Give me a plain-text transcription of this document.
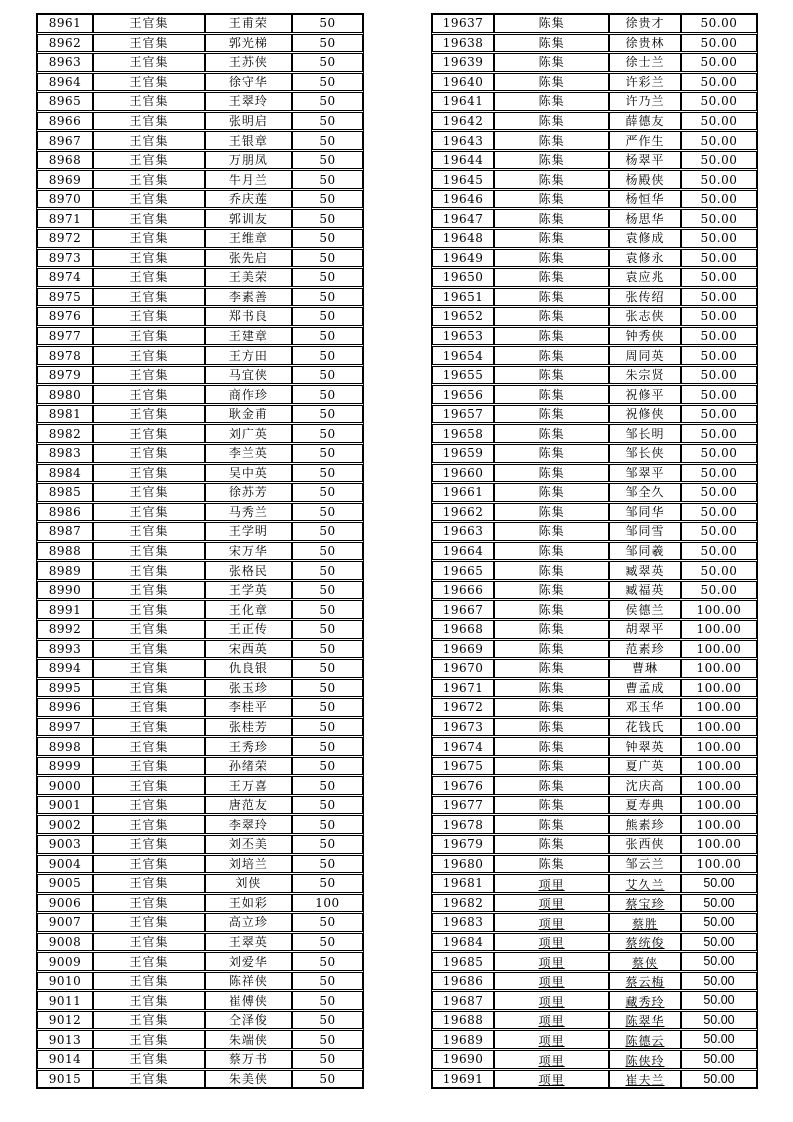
8961	王官集	王甫荣	50
8962	王官集	郭光梯	50
8963	王官集	王苏侠	50
8964	王官集	徐守华	50
8965	王官集	王翠玲	50
8966	王官集	张明启	50
8967	王官集	王银章	50
8968	王官集	万朋凤	50
8969	王官集	牛月兰	50
8970	王官集	乔庆莲	50
8971	王官集	郭训友	50
8972	王官集	王维章	50
8973	王官集	张先启	50
8974	王官集	王美荣	50
8975	王官集	李素善	50
8976	王官集	郑书良	50
8977	王官集	王建章	50
8978	王官集	王方田	50
8979	王官集	马宜侠	50
8980	王官集	商作珍	50
8981	王官集	耿金甫	50
8982	王官集	刘广英	50
8983	王官集	李兰英	50
8984	王官集	吴中英	50
8985	王官集	徐苏芳	50
8986	王官集	马秀兰	50
8987	王官集	王学明	50
8988	王官集	宋万华	50
8989	王官集	张格民	50
8990	王官集	王学英	50
8991	王官集	王化章	50
8992	王官集	王正传	50
8993	王官集	宋西英	50
8994	王官集	仇良银	50
8995	王官集	张玉珍	50
8996	王官集	李桂平	50
8997	王官集	张桂芳	50
8998	王官集	王秀珍	50
8999	王官集	孙绪荣	50
9000	王官集	王万喜	50
9001	王官集	唐范友	50
9002	王官集	李翠玲	50
9003	王官集	刘丕美	50
9004	王官集	刘培兰	50
9005	王官集	刘侠	50
9006	王官集	王如彩	100
9007	王官集	高立珍	50
9008	王官集	王翠英	50
9009	王官集	刘爱华	50
9010	王官集	陈祥侠	50
9011	王官集	崔傅侠	50
9012	王官集	仝泽俊	50
9013	王官集	朱端侠	50
9014	王官集	蔡万书	50
9015	王官集	朱美侠	50
19637	陈集	徐贵才	50.00
19638	陈集	徐贵林	50.00
19639	陈集	徐士兰	50.00
19640	陈集	许彩兰	50.00
19641	陈集	许乃兰	50.00
19642	陈集	薛德友	50.00
19643	陈集	严作生	50.00
19644	陈集	杨翠平	50.00
19645	陈集	杨殿侠	50.00
19646	陈集	杨恒华	50.00
19647	陈集	杨思华	50.00
19648	陈集	袁修成	50.00
19649	陈集	袁修永	50.00
19650	陈集	袁应兆	50.00
19651	陈集	张传绍	50.00
19652	陈集	张志侠	50.00
19653	陈集	钟秀侠	50.00
19654	陈集	周同英	50.00
19655	陈集	朱宗贤	50.00
19656	陈集	祝修平	50.00
19657	陈集	祝修侠	50.00
19658	陈集	邹长明	50.00
19659	陈集	邹长侠	50.00
19660	陈集	邹翠平	50.00
19661	陈集	邹全久	50.00
19662	陈集	邹同华	50.00
19663	陈集	邹同雪	50.00
19664	陈集	邹同羲	50.00
19665	陈集	臧翠英	50.00
19666	陈集	臧福英	50.00
19667	陈集	侯德兰	100.00
19668	陈集	胡翠平	100.00
19669	陈集	范素珍	100.00
19670	陈集	曹琳	100.00
19671	陈集	曹孟成	100.00
19672	陈集	邓玉华	100.00
19673	陈集	花钱氏	100.00
19674	陈集	钟翠英	100.00
19675	陈集	夏广英	100.00
19676	陈集	沈庆高	100.00
19677	陈集	夏寿典	100.00
19678	陈集	熊素珍	100.00
19679	陈集	张西侠	100.00
19680	陈集	邹云兰	100.00
19681	项里	艾久兰	50.00
19682	项里	蔡宝珍	50.00
19683	项里	蔡胜	50.00
19684	项里	蔡统俊	50.00
19685	项里	蔡侠	50.00
19686	项里	蔡云梅	50.00
19687	项里	藏秀玲	50.00
19688	项里	陈翠华	50.00
19689	项里	陈德云	50.00
19690	项里	陈侠玲	50.00
19691	项里	崔夫兰	50.00
